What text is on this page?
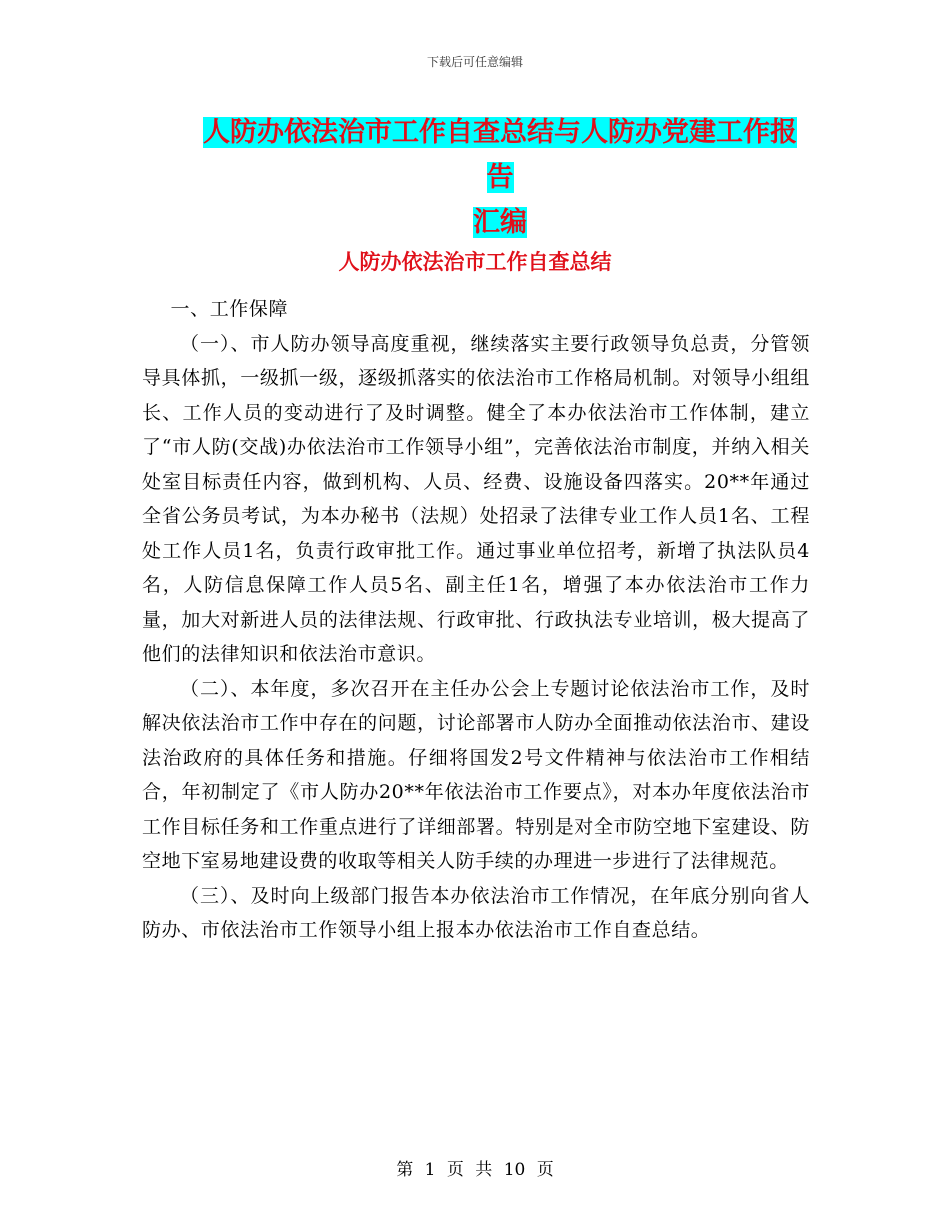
下载后可任意编辑
人防办依法治市工作自查总结与人防办党建工作报告
汇编
人防办依法治市工作自查总结

一、工作保障

（一）、市人防办领导高度重视，继续落实主要行政领导负总责，分管领导具体抓，一级抓一级，逐级抓落实的依法治市工作格局机制。对领导小组组长、工作人员的变动进行了及时调整。健全了本办依法治市工作体制，建立了“市人防(交战)办依法治市工作领导小组”，完善依法治市制度，并纳入相关处室目标责任内容，做到机构、人员、经费、设施设备四落实。20**年通过全省公务员考试，为本办秘书（法规）处招录了法律专业工作人员1名、工程处工作人员1名，负责行政审批工作。通过事业单位招考，新增了执法队员4名，人防信息保障工作人员5名、副主任1名，增强了本办依法治市工作力量，加大对新进人员的法律法规、行政审批、行政执法专业培训，极大提高了他们的法律知识和依法治市意识。

（二）、本年度，多次召开在主任办公会上专题讨论依法治市工作，及时解决依法治市工作中存在的问题，讨论部署市人防办全面推动依法治市、建设法治政府的具体任务和措施。仔细将国发2号文件精神与依法治市工作相结合，年初制定了《市人防办20**年依法治市工作要点》，对本办年度依法治市工作目标任务和工作重点进行了详细部署。特别是对全市防空地下室建设、防空地下室易地建设费的收取等相关人防手续的办理进一步进行了法律规范。

（三）、及时向上级部门报告本办依法治市工作情况，在年底分别向省人防办、市依法治市工作领导小组上报本办依法治市工作自查总结。

第 1 页 共 10 页
